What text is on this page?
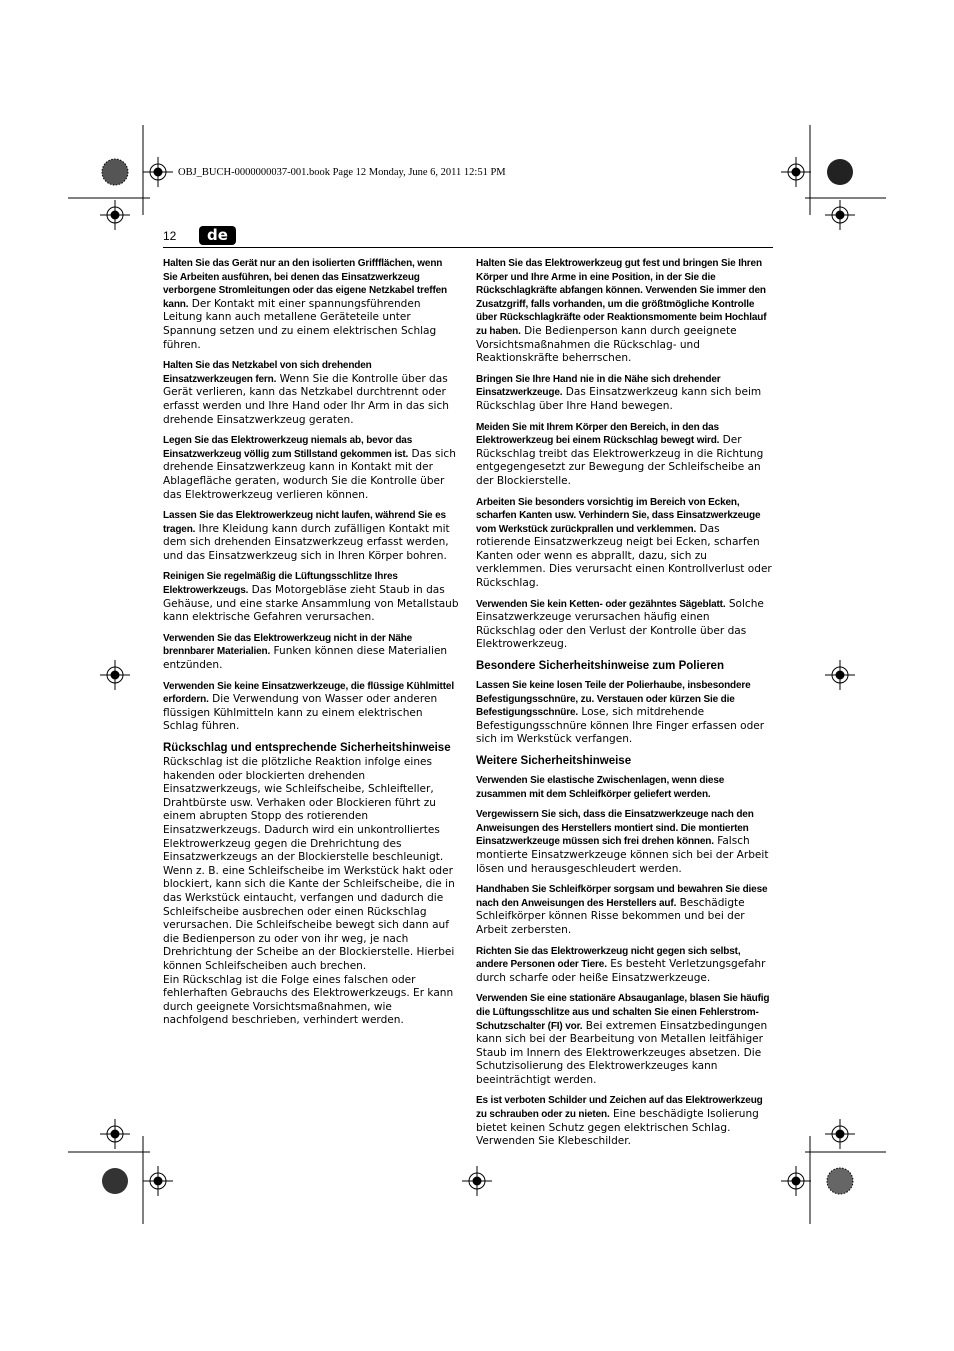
OBJ_BUCH-0000000037-001.book Page 12 Monday, June 6, 2011 12:51 PM
12	de

Halten Sie das Gerät nur an den isolierten Griffflächen, wenn Sie Arbeiten ausführen, bei denen das Einsatzwerkzeug verborgene Stromleitungen oder das eigene Netzkabel treffen kann. Der Kontakt mit einer spannungsführenden Leitung kann auch metallene Geräteteile unter Spannung setzen und zu einem elektrischen Schlag führen.

Halten Sie das Netzkabel von sich drehenden Einsatzwerkzeugen fern. Wenn Sie die Kontrolle über das Gerät verlieren, kann das Netzkabel durchtrennt oder erfasst werden und Ihre Hand oder Ihr Arm in das sich drehende Einsatzwerkzeug geraten.

Legen Sie das Elektrowerkzeug niemals ab, bevor das Einsatzwerkzeug völlig zum Stillstand gekommen ist. Das sich drehende Einsatzwerkzeug kann in Kontakt mit der Ablagefläche geraten, wodurch Sie die Kontrolle über das Elektrowerkzeug verlieren können.

Lassen Sie das Elektrowerkzeug nicht laufen, während Sie es tragen. Ihre Kleidung kann durch zufälligen Kontakt mit dem sich drehenden Einsatzwerkzeug erfasst werden, und das Einsatzwerkzeug sich in Ihren Körper bohren.

Reinigen Sie regelmäßig die Lüftungsschlitze Ihres Elektrowerkzeugs. Das Motorgebläse zieht Staub in das Gehäuse, und eine starke Ansammlung von Metallstaub kann elektrische Gefahren verursachen.

Verwenden Sie das Elektrowerkzeug nicht in der Nähe brennbarer Materialien. Funken können diese Materialien entzünden.

Verwenden Sie keine Einsatzwerkzeuge, die flüssige Kühlmittel erfordern. Die Verwendung von Wasser oder anderen flüssigen Kühlmitteln kann zu einem elektrischen Schlag führen.

Rückschlag und entsprechende Sicherheitshinweise

Rückschlag ist die plötzliche Reaktion infolge eines hakenden oder blockierten drehenden Einsatzwerkzeugs, wie Schleifscheibe, Schleifteller, Drahtbürste usw. Verhaken oder Blockieren führt zu einem abrupten Stopp des rotierenden Einsatzwerkzeugs. Dadurch wird ein unkontrolliertes Elektrowerkzeug gegen die Drehrichtung des Einsatzwerkzeugs an der Blockierstelle beschleunigt.

Wenn z. B. eine Schleifscheibe im Werkstück hakt oder blockiert, kann sich die Kante der Schleifscheibe, die in das Werkstück eintaucht, verfangen und dadurch die Schleifscheibe ausbrechen oder einen Rückschlag verursachen. Die Schleifscheibe bewegt sich dann auf die Bedienperson zu oder von ihr weg, je nach Drehrichtung der Scheibe an der Blockierstelle. Hierbei können Schleifscheiben auch brechen.

Ein Rückschlag ist die Folge eines falschen oder fehlerhaften Gebrauchs des Elektrowerkzeugs. Er kann durch geeignete Vorsichtsmaßnahmen, wie nachfolgend beschrieben, verhindert werden.

Halten Sie das Elektrowerkzeug gut fest und bringen Sie Ihren Körper und Ihre Arme in eine Position, in der Sie die Rückschlagkräfte abfangen können. Verwenden Sie immer den Zusatzgriff, falls vorhanden, um die größtmögliche Kontrolle über Rückschlagkräfte oder Reaktionsmomente beim Hochlauf zu haben. Die Bedienperson kann durch geeignete Vorsichtsmaßnahmen die Rückschlag- und Reaktionskräfte beherrschen.

Bringen Sie Ihre Hand nie in die Nähe sich drehender Einsatzwerkzeuge. Das Einsatzwerkzeug kann sich beim Rückschlag über Ihre Hand bewegen.

Meiden Sie mit Ihrem Körper den Bereich, in den das Elektrowerkzeug bei einem Rückschlag bewegt wird. Der Rückschlag treibt das Elektrowerkzeug in die Richtung entgegengesetzt zur Bewegung der Schleifscheibe an der Blockierstelle.

Arbeiten Sie besonders vorsichtig im Bereich von Ecken, scharfen Kanten usw. Verhindern Sie, dass Einsatzwerkzeuge vom Werkstück zurückprallen und verklemmen. Das rotierende Einsatzwerkzeug neigt bei Ecken, scharfen Kanten oder wenn es abprallt, dazu, sich zu verklemmen. Dies verursacht einen Kontrollverlust oder Rückschlag.

Verwenden Sie kein Ketten- oder gezähntes Sägeblatt. Solche Einsatzwerkzeuge verursachen häufig einen Rückschlag oder den Verlust der Kontrolle über das Elektrowerkzeug.

Besondere Sicherheitshinweise zum Polieren

Lassen Sie keine losen Teile der Polierhaube, insbesondere Befestigungsschnüre, zu. Verstauen oder kürzen Sie die Befestigungsschnüre. Lose, sich mitdrehende Befestigungsschnüre können Ihre Finger erfassen oder sich im Werkstück verfangen.

Weitere Sicherheitshinweise

Verwenden Sie elastische Zwischenlagen, wenn diese zusammen mit dem Schleifkörper geliefert werden.

Vergewissern Sie sich, dass die Einsatzwerkzeuge nach den Anweisungen des Herstellers montiert sind. Die montierten Einsatzwerkzeuge müssen sich frei drehen können. Falsch montierte Einsatzwerkzeuge können sich bei der Arbeit lösen und herausgeschleudert werden.

Handhaben Sie Schleifkörper sorgsam und bewahren Sie diese nach den Anweisungen des Herstellers auf. Beschädigte Schleifkörper können Risse bekommen und bei der Arbeit zerbersten.

Richten Sie das Elektrowerkzeug nicht gegen sich selbst, andere Personen oder Tiere. Es besteht Verletzungsgefahr durch scharfe oder heiße Einsatzwerkzeuge.

Verwenden Sie eine stationäre Absauganlage, blasen Sie häufig die Lüftungsschlitze aus und schalten Sie einen Fehlerstrom-Schutzschalter (FI) vor. Bei extremen Einsatzbedingungen kann sich bei der Bearbeitung von Metallen leitfähiger Staub im Innern des Elektrowerkzeuges absetzen. Die Schutzisolierung des Elektrowerkzeuges kann beeinträchtigt werden.

Es ist verboten Schilder und Zeichen auf das Elektrowerkzeug zu schrauben oder zu nieten. Eine beschädigte Isolierung bietet keinen Schutz gegen elektrischen Schlag. Verwenden Sie Klebeschilder.
